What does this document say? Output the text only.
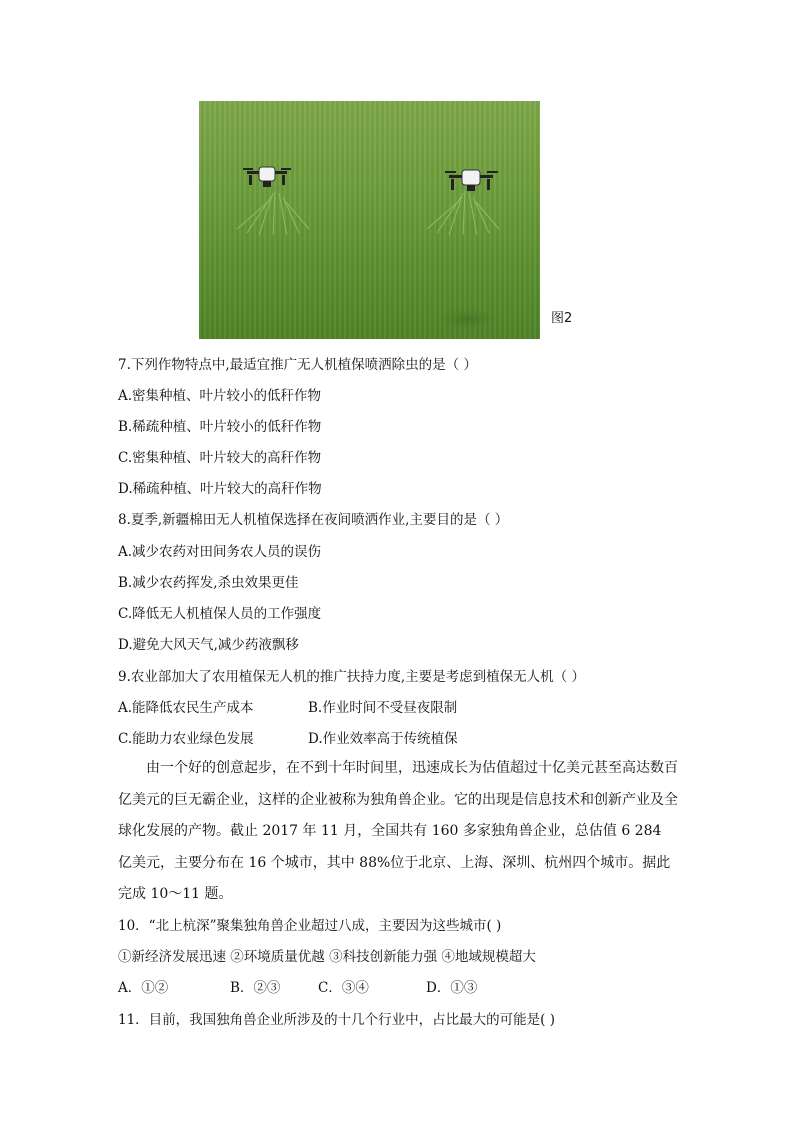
图2
7.下列作物特点中,最适宜推广无人机植保喷洒除虫的是（ ）
A.密集种植、叶片较小的低秆作物
B.稀疏种植、叶片较小的低秆作物
C.密集种植、叶片较大的高秆作物
D.稀疏种植、叶片较大的高秆作物
8.夏季,新疆棉田无人机植保选择在夜间喷洒作业,主要目的是（ ）
A.减少农药对田间务农人员的误伤
B.减少农药挥发,杀虫效果更佳
C.降低无人机植保人员的工作强度
D.避免大风天气,减少药液飘移
9.农业部加大了农用植保无人机的推广扶持力度,主要是考虑到植保无人机（ ）
A.能降低农民生产成本	B.作业时间不受昼夜限制
C.能助力农业绿色发展	D.作业效率高于传统植保
由一个好的创意起步，在不到十年时间里，迅速成长为估值超过十亿美元甚至高达数百亿美元的巨无霸企业，这样的企业被称为独角兽企业。它的出现是信息技术和创新产业及全球化发展的产物。截止 2017 年 11 月，全国共有 160 多家独角兽企业，总估值 6 284 亿美元，主要分布在 16 个城市，其中 88%位于北京、上海、深圳、杭州四个城市。据此完成 10～11 题。
10．“北上杭深”聚集独角兽企业超过八成，主要因为这些城市( )
①新经济发展迅速 ②环境质量优越 ③科技创新能力强 ④地域规模超大
A．①②	B．②③	C．③④	D．①③
11．目前，我国独角兽企业所涉及的十几个行业中，占比最大的可能是( )
